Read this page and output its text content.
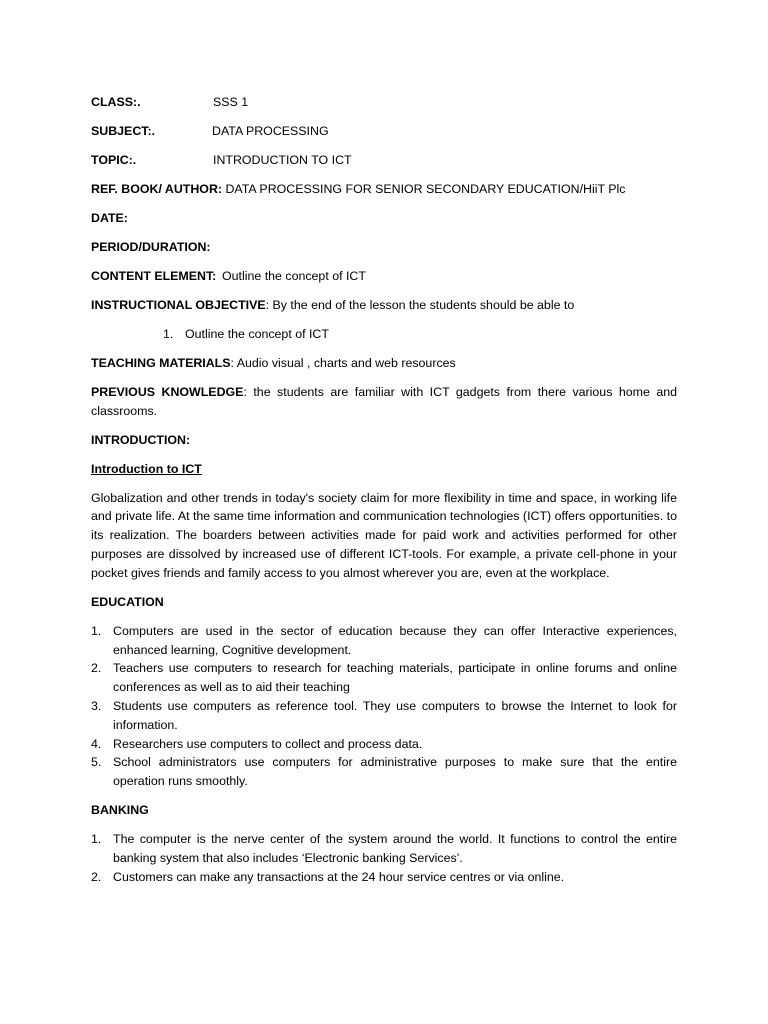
CLASS:.	SSS 1
SUBJECT:.	DATA PROCESSING
TOPIC:.	INTRODUCTION TO ICT
REF. BOOK/ AUTHOR: DATA PROCESSING FOR SENIOR SECONDARY EDUCATION/HiiT Plc
DATE:
PERIOD/DURATION:
CONTENT ELEMENT: Outline the concept of ICT
INSTRUCTIONAL OBJECTIVE: By the end of the lesson the students should be able to
1. Outline the concept of ICT
TEACHING MATERIALS: Audio visual , charts and web resources
PREVIOUS KNOWLEDGE: the students are familiar with ICT gadgets from there various home and classrooms.
INTRODUCTION:
Introduction to ICT
Globalization and other trends in today's society claim for more flexibility in time and space, in working life and private life. At the same time information and communication technologies (ICT) offers opportunities. to its realization. The boarders between activities made for paid work and activities performed for other purposes are dissolved by increased use of different ICT-tools. For example, a private cell-phone in your pocket gives friends and family access to you almost wherever you are, even at the workplace.
EDUCATION
1. Computers are used in the sector of education because they can offer Interactive experiences, enhanced learning, Cognitive development.
2. Teachers use computers to research for teaching materials, participate in online forums and online conferences as well as to aid their teaching
3. Students use computers as reference tool. They use computers to browse the Internet to look for information.
4. Researchers use computers to collect and process data.
5. School administrators use computers for administrative purposes to make sure that the entire operation runs smoothly.
BANKING
1. The computer is the nerve center of the system around the world. It functions to control the entire banking system that also includes ‘Electronic banking Services’.
2. Customers can make any transactions at the 24 hour service centres or via online.
